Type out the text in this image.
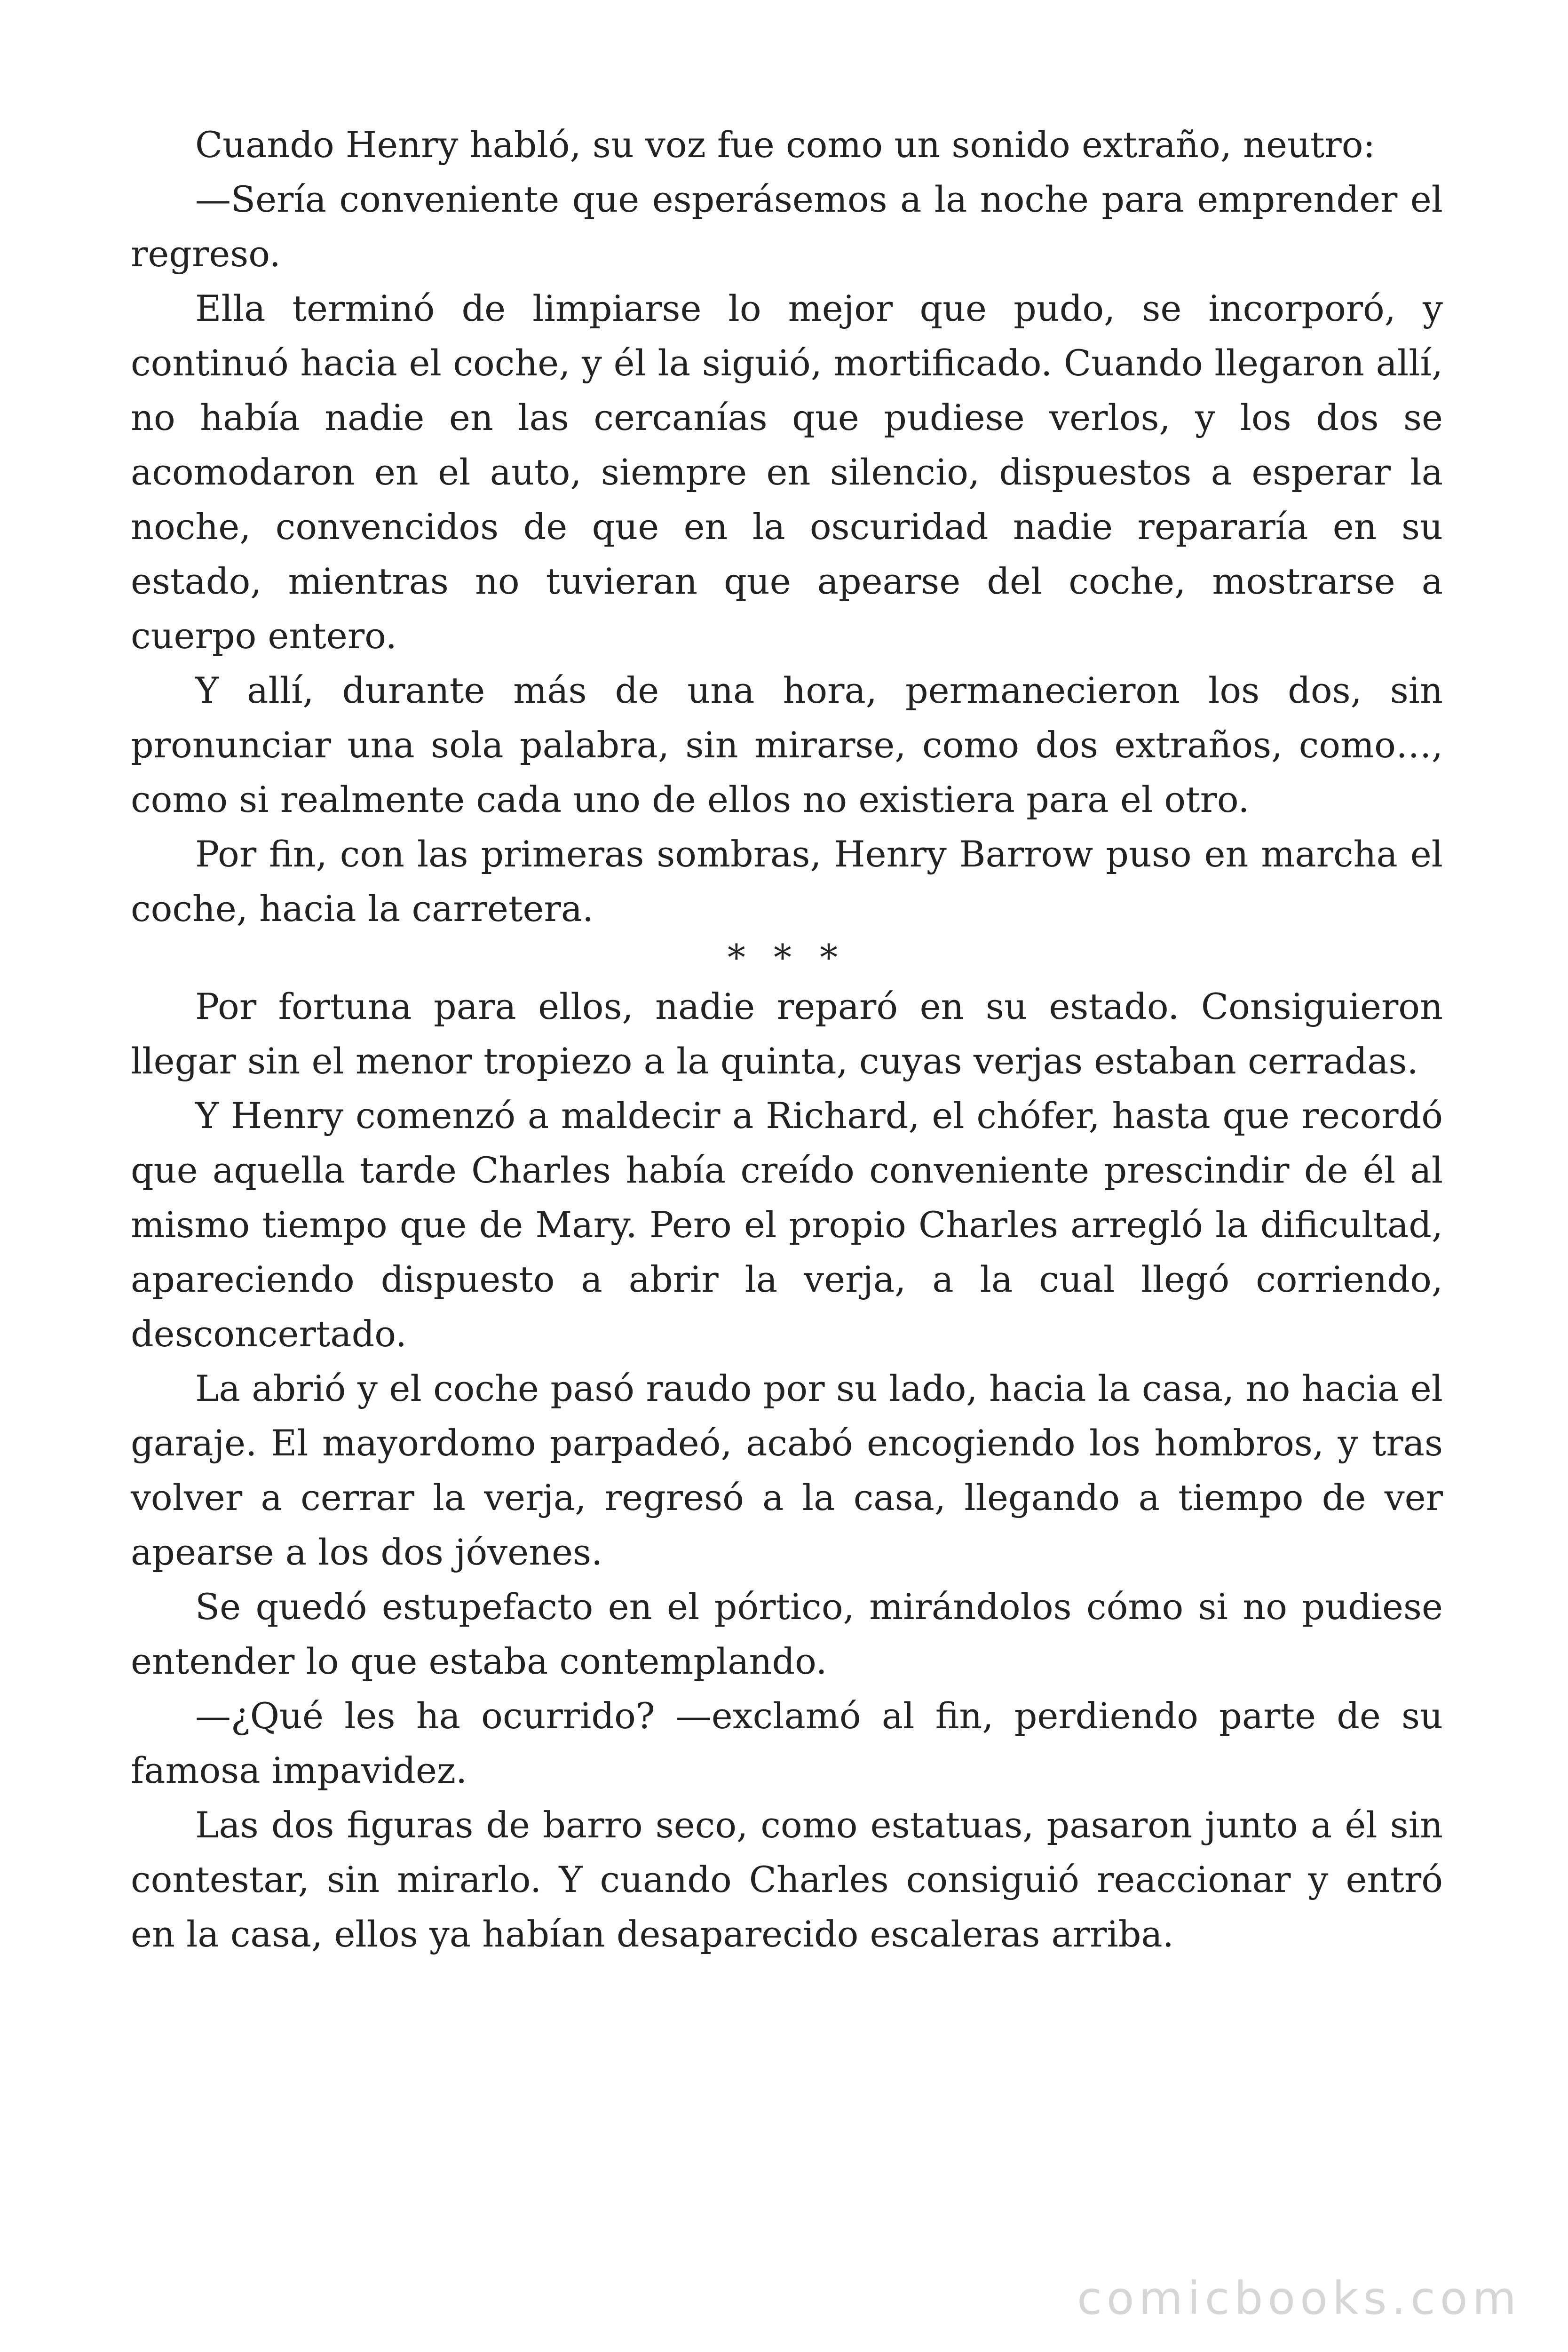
Cuando Henry habló, su voz fue como un sonido extraño, neutro:

—Sería conveniente que esperásemos a la noche para emprender el regreso.

Ella terminó de limpiarse lo mejor que pudo, se incorporó, y continuó hacia el coche, y él la siguió, mortificado. Cuando llegaron allí, no había nadie en las cercanías que pudiese verlos, y los dos se acomodaron en el auto, siempre en silencio, dispuestos a esperar la noche, convencidos de que en la oscuridad nadie repararía en su estado, mientras no tuvieran que apearse del coche, mostrarse a cuerpo entero.

Y allí, durante más de una hora, permanecieron los dos, sin pronunciar una sola palabra, sin mirarse, como dos extraños, como…, como si realmente cada uno de ellos no existiera para el otro.

Por fin, con las primeras sombras, Henry Barrow puso en marcha el coche, hacia la carretera.

* * *

Por fortuna para ellos, nadie reparó en su estado. Consiguieron llegar sin el menor tropiezo a la quinta, cuyas verjas estaban cerradas.

Y Henry comenzó a maldecir a Richard, el chófer, hasta que recordó que aquella tarde Charles había creído conveniente prescindir de él al mismo tiempo que de Mary. Pero el propio Charles arregló la dificultad, apareciendo dispuesto a abrir la verja, a la cual llegó corriendo, desconcertado.

La abrió y el coche pasó raudo por su lado, hacia la casa, no hacia el garaje. El mayordomo parpadeó, acabó encogiendo los hombros, y tras volver a cerrar la verja, regresó a la casa, llegando a tiempo de ver apearse a los dos jóvenes.

Se quedó estupefacto en el pórtico, mirándolos cómo si no pudiese entender lo que estaba contemplando.

—¿Qué les ha ocurrido? —exclamó al fin, perdiendo parte de su famosa impavidez.

Las dos figuras de barro seco, como estatuas, pasaron junto a él sin contestar, sin mirarlo. Y cuando Charles consiguió reaccionar y entró en la casa, ellos ya habían desaparecido escaleras arriba.

comicbooks.com
